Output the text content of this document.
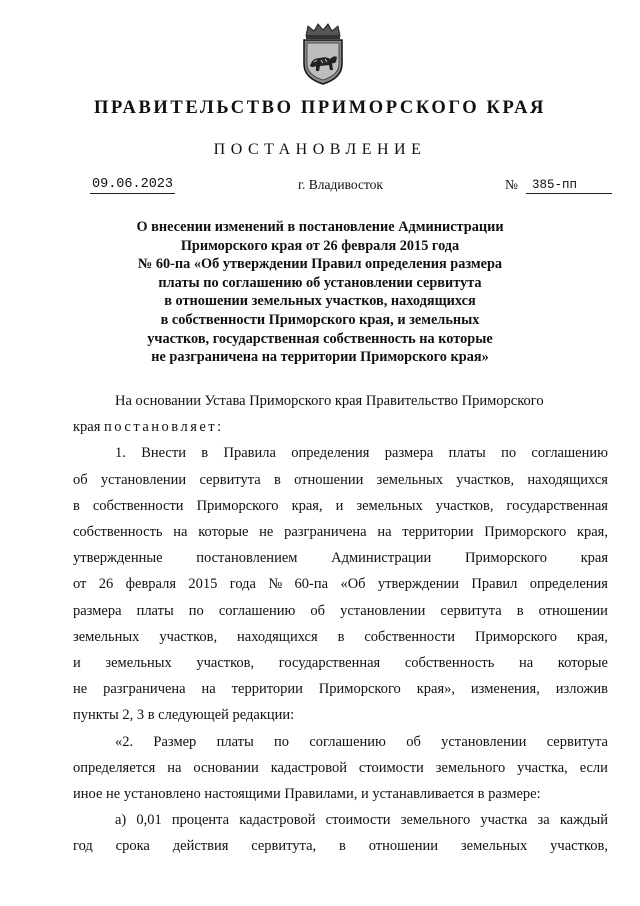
ПРАВИТЕЛЬСТВО ПРИМОРСКОГО КРАЯ
ПОСТАНОВЛЕНИЕ
09.06.2023	г. Владивосток	№	385-пп
О внесении изменений в постановление Администрации
Приморского края от 26 февраля 2015 года
№ 60-па «Об утверждении Правил определения размера
платы по соглашению об установлении сервитута
в отношении земельных участков, находящихся
в собственности Приморского края, и земельных
участков, государственная собственность на которые
не разграничена на территории Приморского края»
На основании Устава Приморского края Правительство Приморского
края постановляет:
1. Внести в Правила определения размера платы по соглашению
об установлении сервитута в отношении земельных участков, находящихся
в собственности Приморского края, и земельных участков, государственная
собственность на которые не разграничена на территории Приморского края,
утвержденные постановлением Администрации Приморского края
от 26 февраля 2015 года № 60-па «Об утверждении Правил определения
размера платы по соглашению об установлении сервитута в отношении
земельных участков, находящихся в собственности Приморского края,
и земельных участков, государственная собственность на которые
не разграничена на территории Приморского края», изменения, изложив
пункты 2, 3 в следующей редакции:
«2. Размер платы по соглашению об установлении сервитута
определяется на основании кадастровой стоимости земельного участка, если
иное не установлено настоящими Правилами, и устанавливается в размере:
а) 0,01 процента кадастровой стоимости земельного участка за каждый
год срока действия сервитута, в отношении земельных участков,
